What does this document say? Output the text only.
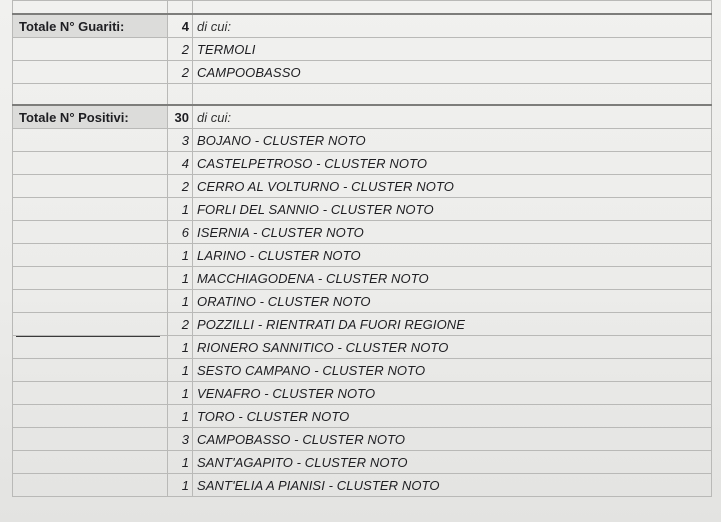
Totale N° Guariti:	4	di cui:
	2	TERMOLI
	2	CAMPOOBASSO

Totale N° Positivi:	30	di cui:
	3	BOJANO - CLUSTER NOTO
	4	CASTELPETROSO - CLUSTER NOTO
	2	CERRO AL VOLTURNO - CLUSTER NOTO
	1	FORLI DEL SANNIO - CLUSTER NOTO
	6	ISERNIA - CLUSTER NOTO
	1	LARINO - CLUSTER NOTO
	1	MACCHIAGODENA - CLUSTER NOTO
	1	ORATINO - CLUSTER NOTO
	2	POZZILLI - RIENTRATI DA FUORI REGIONE
	1	RIONERO SANNITICO - CLUSTER NOTO
	1	SESTO CAMPANO - CLUSTER NOTO
	1	VENAFRO - CLUSTER NOTO
	1	TORO - CLUSTER NOTO
	3	CAMPOBASSO - CLUSTER NOTO
	1	SANT'AGAPITO - CLUSTER NOTO
	1	SANT'ELIA A PIANISI - CLUSTER NOTO
